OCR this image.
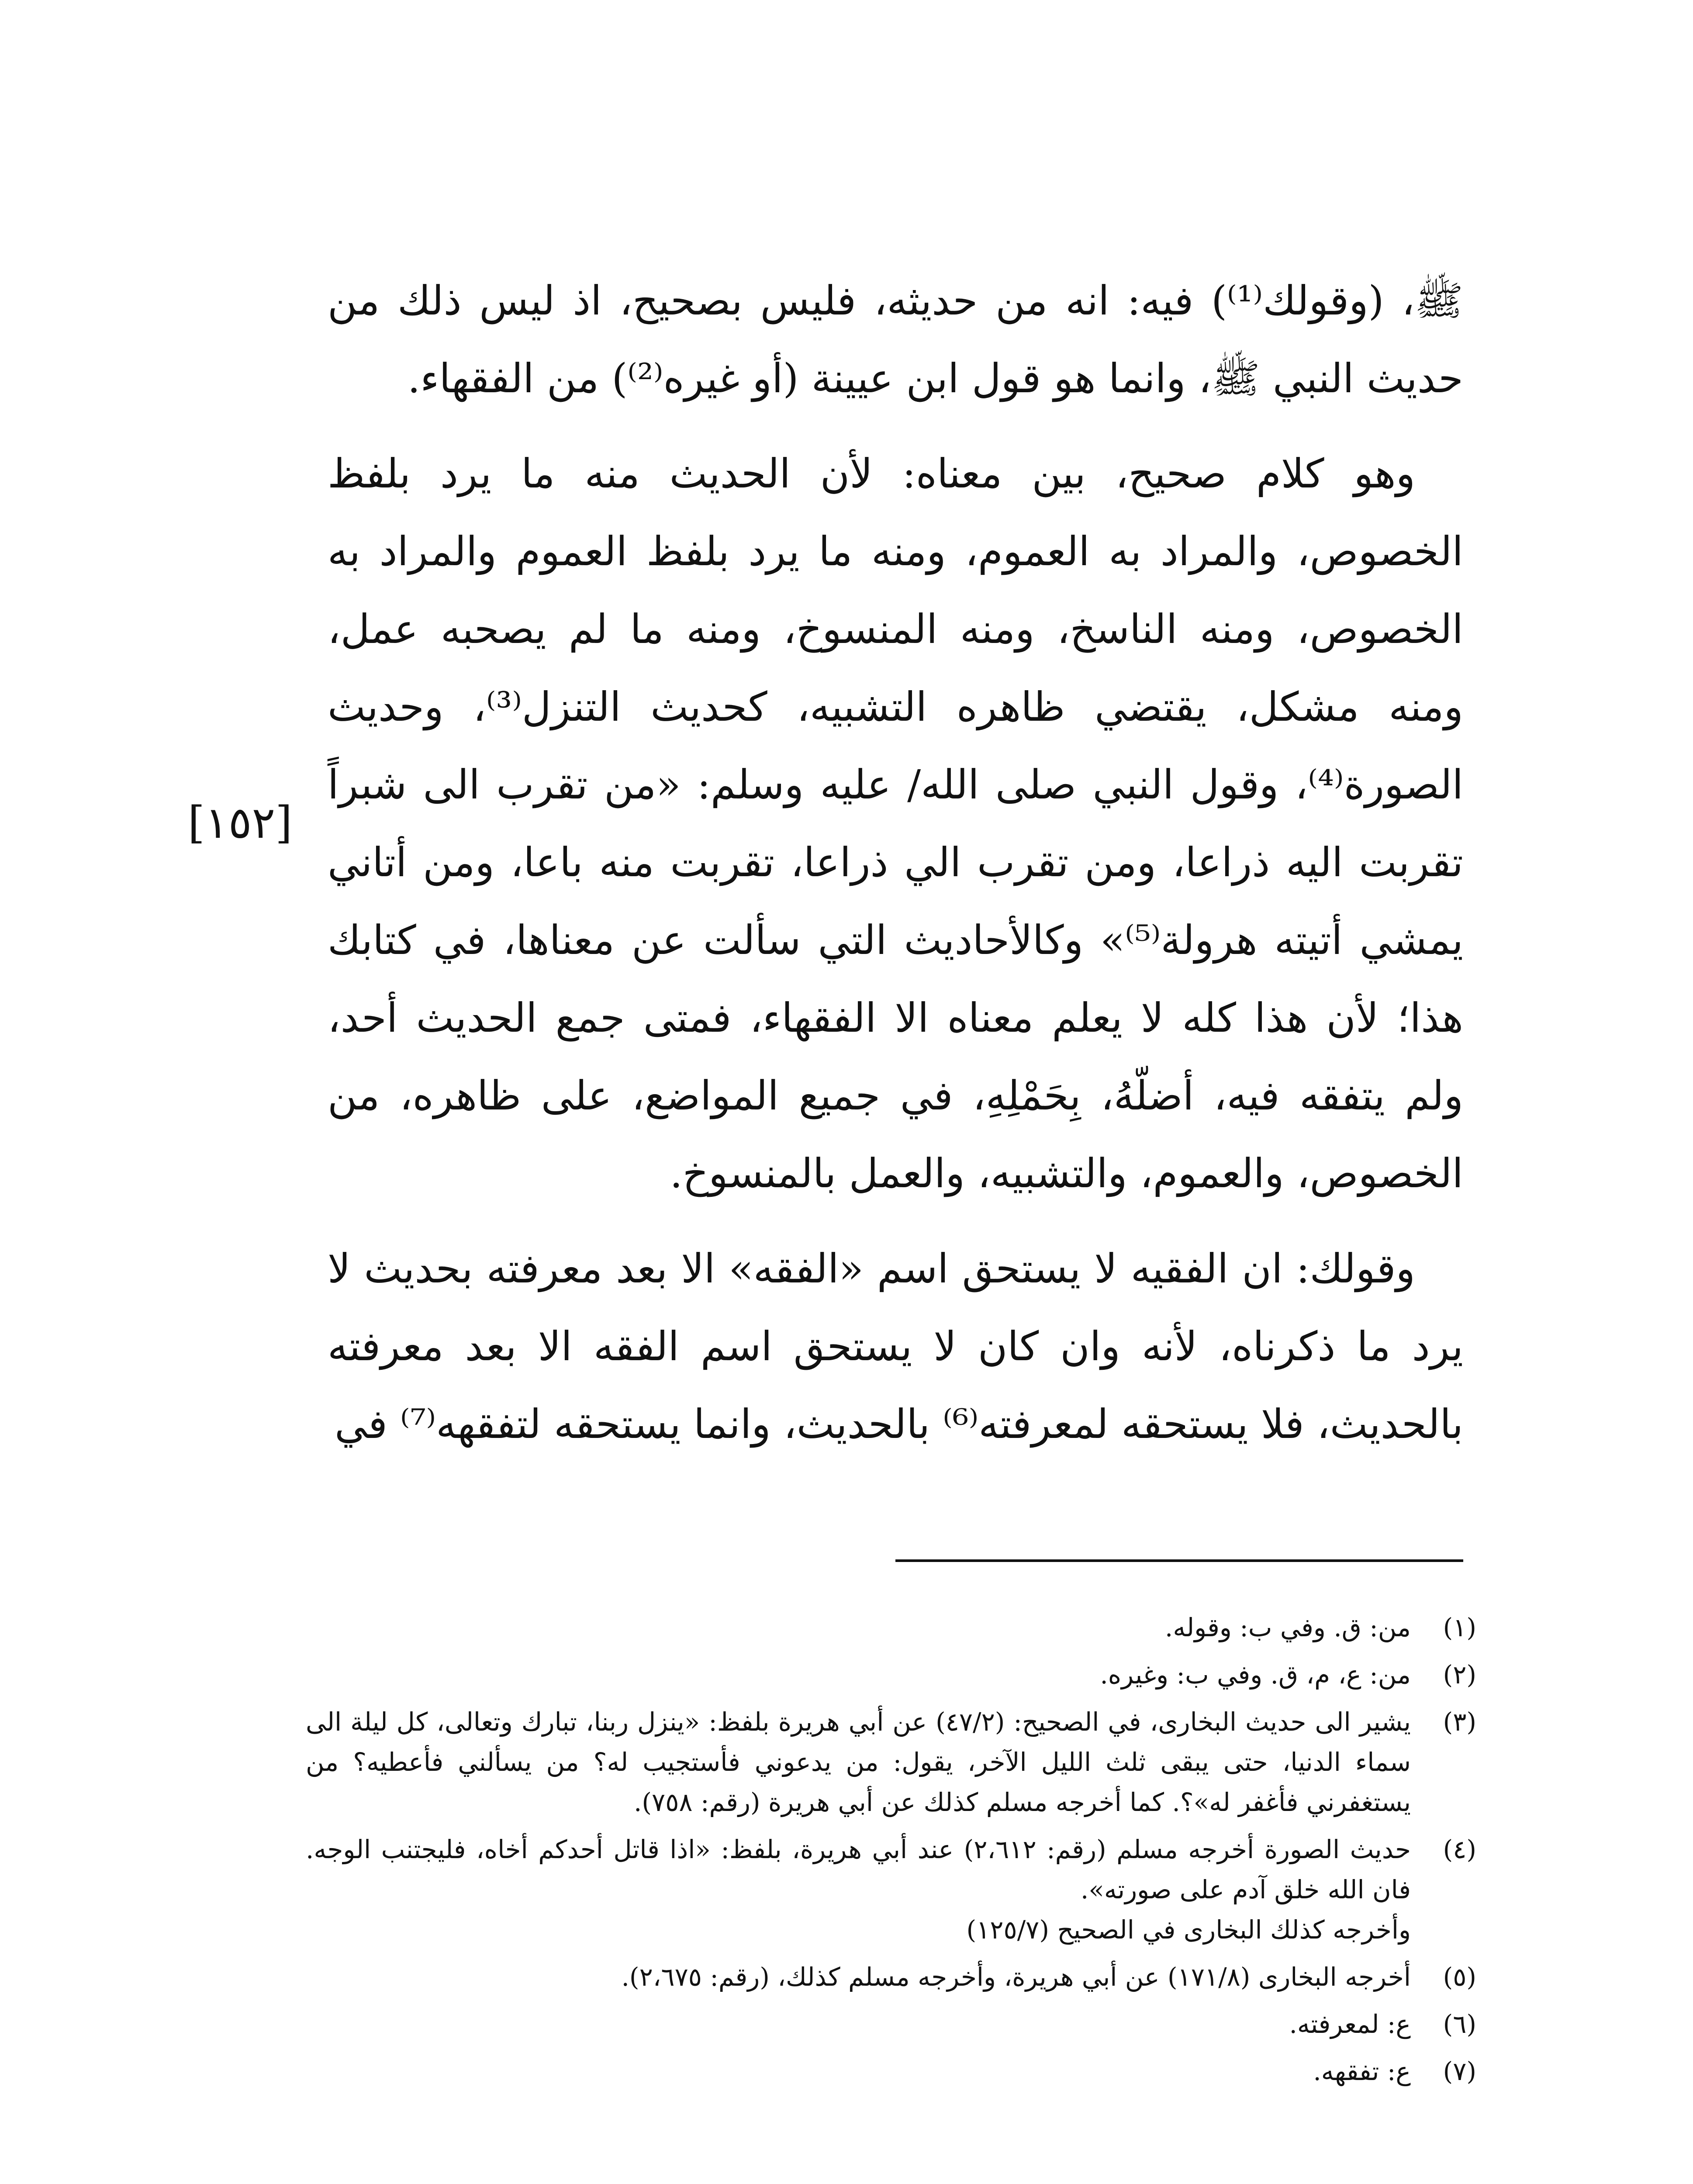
ﷺ، (وقولك⁽¹⁾) فيه: انه من حديثه، فليس بصحيح، اذ ليس ذلك من حديث النبي ﷺ، وانما هو قول ابن عيينة (أو غيره⁽²⁾) من الفقهاء.

وهو كلام صحيح، بين معناه: لأن الحديث منه ما يرد بلفظ الخصوص، والمراد به العموم، ومنه ما يرد بلفظ العموم والمراد به الخصوص، ومنه الناسخ، ومنه المنسوخ، ومنه ما لم يصحبه عمل، ومنه مشكل، يقتضي ظاهره التشبيه، كحديث التنزل⁽³⁾، وحديث الصورة⁽⁴⁾، وقول النبي صلى الله/ عليه وسلم: «من تقرب الى شبراً تقربت اليه ذراعا، ومن تقرب الي ذراعا، تقربت منه باعا، ومن أتاني يمشي أتيته هرولة⁽⁵⁾» وكالأحاديث التي سألت عن معناها، في كتابك هذا؛ لأن هذا كله لا يعلم معناه الا الفقهاء، فمتى جمع الحديث أحد، ولم يتفقه فيه، أضلّهُ، بِحَمْلِهِ، في جميع المواضع، على ظاهره، من الخصوص، والعموم، والتشبيه، والعمل بالمنسوخ.

وقولك: ان الفقيه لا يستحق اسم «الفقه» الا بعد معرفته بحديث لا يرد ما ذكرناه، لأنه وان كان لا يستحق اسم الفقه الا بعد معرفته بالحديث، فلا يستحقه لمعرفته⁽⁶⁾ بالحديث، وانما يستحقه لتفقهه⁽⁷⁾ في

[١٥٢]
(١)
من: ق. وفي ب: وقوله.
(٢)
من: ع، م، ق. وفي ب: وغيره.
(٣)
يشير الى حديث البخارى، في الصحيح: (٤٧/٢) عن أبي هريرة بلفظ: «ينزل ربنا، تبارك وتعالى، كل ليلة الى سماء الدنيا، حتى يبقى ثلث الليل الآخر، يقول: من يدعوني فأستجيب له؟ من يسألني فأعطيه؟ من يستغفرني فأغفر له»؟. كما أخرجه مسلم كذلك عن أبي هريرة (رقم: ٧٥٨).
(٤)
حديث الصورة أخرجه مسلم (رقم: ٢،٦١٢) عند أبي هريرة، بلفظ: «اذا قاتل أحدكم أخاه، فليجتنب الوجه. فان الله خلق آدم على صورته».
وأخرجه كذلك البخارى في الصحيح (١٢٥/٧)
(٥)
أخرجه البخارى (١٧١/٨) عن أبي هريرة، وأخرجه مسلم كذلك، (رقم: ٢،٦٧٥).
(٦)
ع: لمعرفته.
(٧)
ع: تفقهه.
